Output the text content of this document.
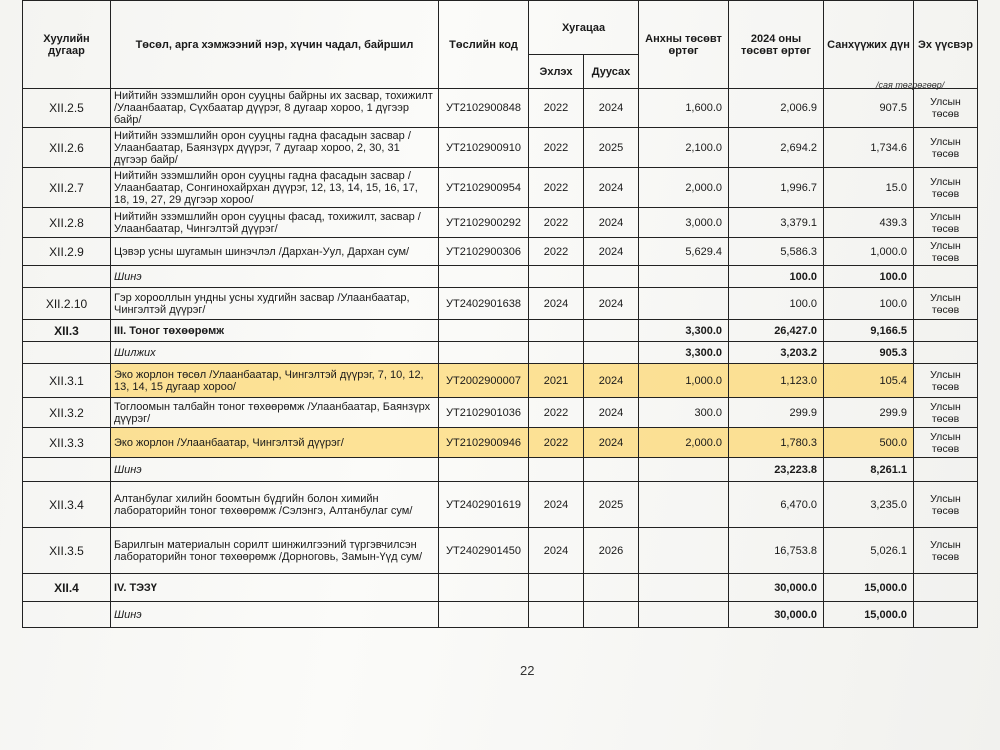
/сая төгрөгөөр/
Хуулийн дугаар	Төсөл, арга хэмжээний нэр, хүчин чадал, байршил	Төслийн код	Хугацаа		Анхны төсөвт өртөг	2024 оны төсөвт өртөг	Санхүүжих дүн	Эх үүсвэр
			Эхлэх	Дуусах				
XII.2.5	Нийтийн эзэмшлийн орон сууцны байрны их засвар, тохижилт /Улаанбаатар, Сүхбаатар дүүрэг, 8 дугаар хороо, 1 дүгээр байр/	УТ2102900848	2022	2024	1,600.0	2,006.9	907.5	Улсын төсөв
XII.2.6	Нийтийн эзэмшлийн орон сууцны гадна фасадын засвар /Улаанбаатар, Баянзүрх дүүрэг, 7 дугаар хороо, 2, 30, 31 дүгээр байр/	УТ2102900910	2022	2025	2,100.0	2,694.2	1,734.6	Улсын төсөв
XII.2.7	Нийтийн эзэмшлийн орон сууцны гадна фасадын засвар /Улаанбаатар, Сонгинохайрхан дүүрэг, 12, 13, 14, 15, 16, 17, 18, 19, 27, 29 дүгээр хороо/	УТ2102900954	2022	2024	2,000.0	1,996.7	15.0	Улсын төсөв
XII.2.8	Нийтийн эзэмшлийн орон сууцны фасад, тохижилт, засвар /Улаанбаатар, Чингэлтэй дүүрэг/	УТ2102900292	2022	2024	3,000.0	3,379.1	439.3	Улсын төсөв
XII.2.9	Цэвэр усны шугамын шинэчлэл /Дархан-Уул, Дархан сум/	УТ2102900306	2022	2024	5,629.4	5,586.3	1,000.0	Улсын төсөв
	Шинэ					100.0	100.0	
XII.2.10	Гэр хорооллын ундны усны худгийн засвар /Улаанбаатар, Чингэлтэй дүүрэг/	УТ2402901638	2024	2024		100.0	100.0	Улсын төсөв
XII.3	III. Тоног төхөөрөмж				3,300.0	26,427.0	9,166.5	
	Шилжих				3,300.0	3,203.2	905.3	
XII.3.1	Эко жорлон төсөл /Улаанбаатар, Чингэлтэй дүүрэг, 7, 10, 12, 13, 14, 15 дугаар хороо/	УТ2002900007	2021	2024	1,000.0	1,123.0	105.4	Улсын төсөв
XII.3.2	Тоглоомын талбайн тоног төхөөрөмж /Улаанбаатар, Баянзүрх дүүрэг/	УТ2102901036	2022	2024	300.0	299.9	299.9	Улсын төсөв
XII.3.3	Эко жорлон /Улаанбаатар, Чингэлтэй дүүрэг/	УТ2102900946	2022	2024	2,000.0	1,780.3	500.0	Улсын төсөв
	Шинэ					23,223.8	8,261.1	
XII.3.4	Алтанбулаг хилийн боомтын бүдгийн болон химийн лабораторийн тоног төхөөрөмж /Сэлэнгэ, Алтанбулаг сум/	УТ2402901619	2024	2025		6,470.0	3,235.0	Улсын төсөв
XII.3.5	Барилгын материалын сорилт шинжилгээний түргэвчилсэн лабораторийн тоног төхөөрөмж /Дорноговь, Замын-Үүд сум/	УТ2402901450	2024	2026		16,753.8	5,026.1	Улсын төсөв
XII.4	IV. ТЭЗҮ					30,000.0	15,000.0	
	Шинэ					30,000.0	15,000.0	
22
